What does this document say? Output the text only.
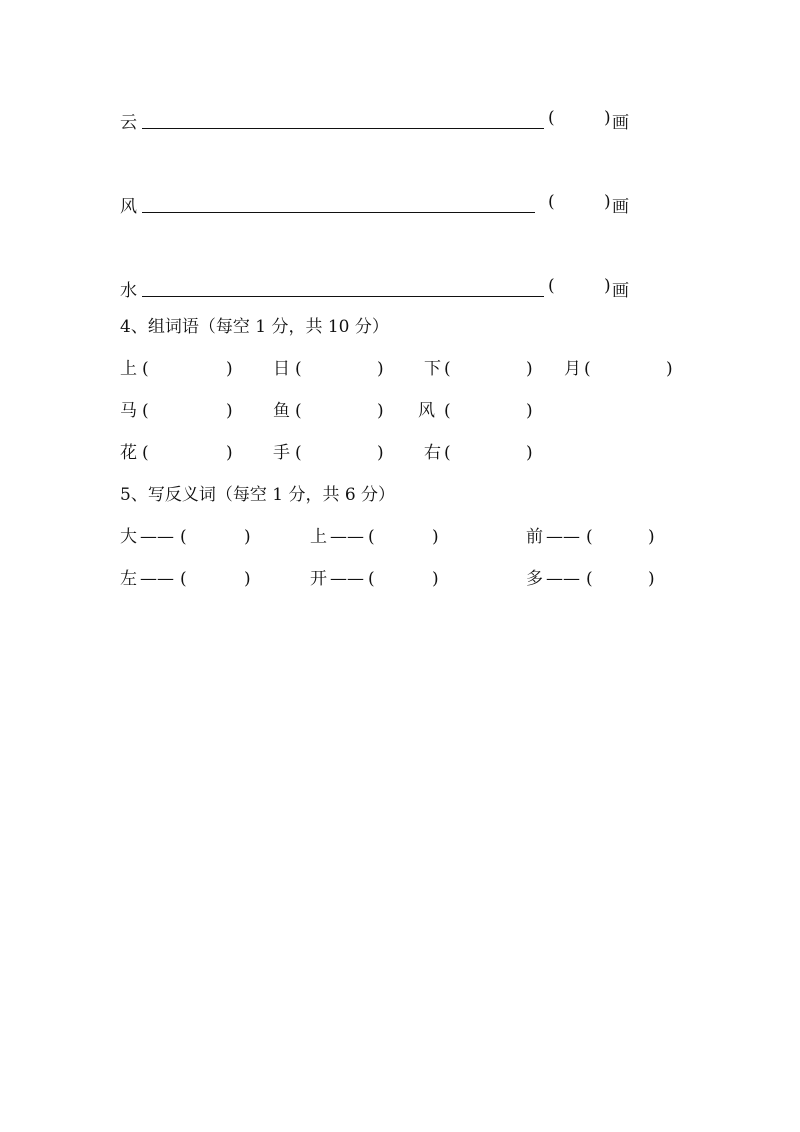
云	(	) 画
风	(	) 画
水	(	) 画
4、组词语（每空 1 分，共 10 分）
上 (	) 日 (	) 下 (	) 月 (	)
马 (	) 鱼 (	) 风 (	)
花 (	) 手 (	) 右 (	)
5、写反义词（每空 1 分，共 6 分）
大 —— (	)	上 —— (	)	前 —— (	)
左 —— (	)	开 —— (	)	多 —— (	)
